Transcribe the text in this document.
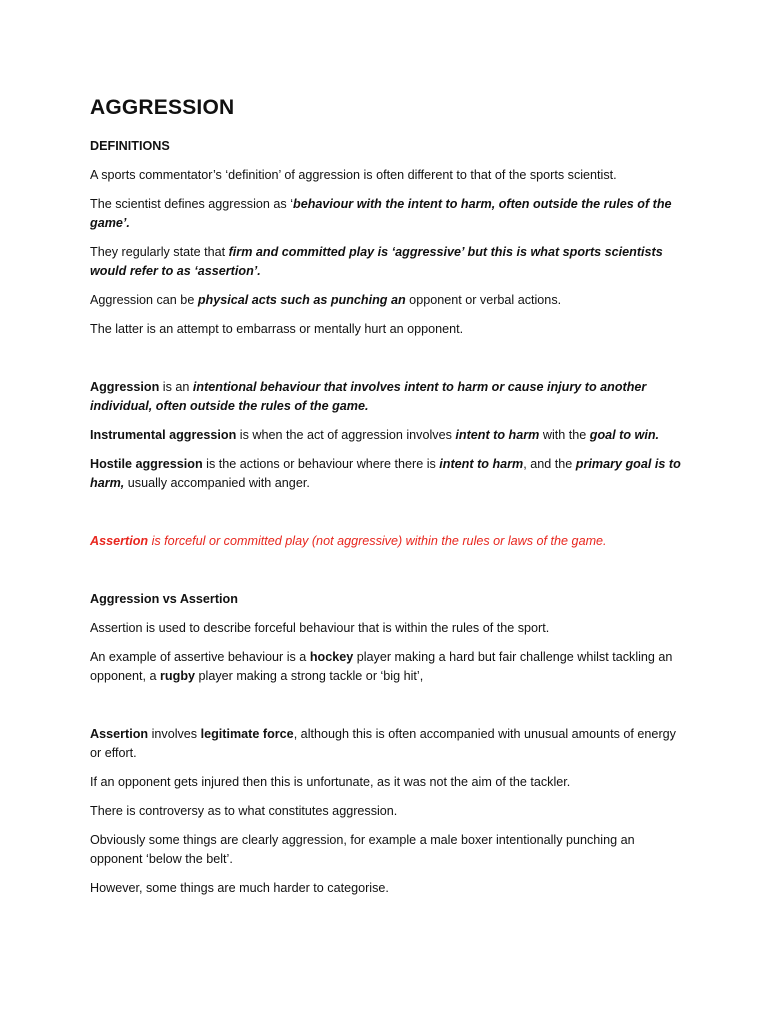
AGGRESSION

DEFINITIONS

A sports commentator’s ‘definition’ of aggression is often different to that of the sports scientist.

The scientist defines aggression as ‘behaviour with the intent to harm, often outside the rules of the game’.

They regularly state that firm and committed play is ‘aggressive’ but this is what sports scientists would refer to as ‘assertion’.

Aggression can be physical acts such as punching an opponent or verbal actions.

The latter is an attempt to embarrass or mentally hurt an opponent.

Aggression is an intentional behaviour that involves intent to harm or cause injury to another individual, often outside the rules of the game.

Instrumental aggression is when the act of aggression involves intent to harm with the goal to win.

Hostile aggression is the actions or behaviour where there is intent to harm, and the primary goal is to harm, usually accompanied with anger.

Assertion is forceful or committed play (not aggressive) within the rules or laws of the game.

Aggression vs Assertion

Assertion is used to describe forceful behaviour that is within the rules of the sport.

An example of assertive behaviour is a hockey player making a hard but fair challenge whilst tackling an opponent, a rugby player making a strong tackle or ‘big hit’,

Assertion involves legitimate force, although this is often accompanied with unusual amounts of energy or effort.

If an opponent gets injured then this is unfortunate, as it was not the aim of the tackler.

There is controversy as to what constitutes aggression.

Obviously some things are clearly aggression, for example a male boxer intentionally punching an opponent ‘below the belt’.

However, some things are much harder to categorise.
